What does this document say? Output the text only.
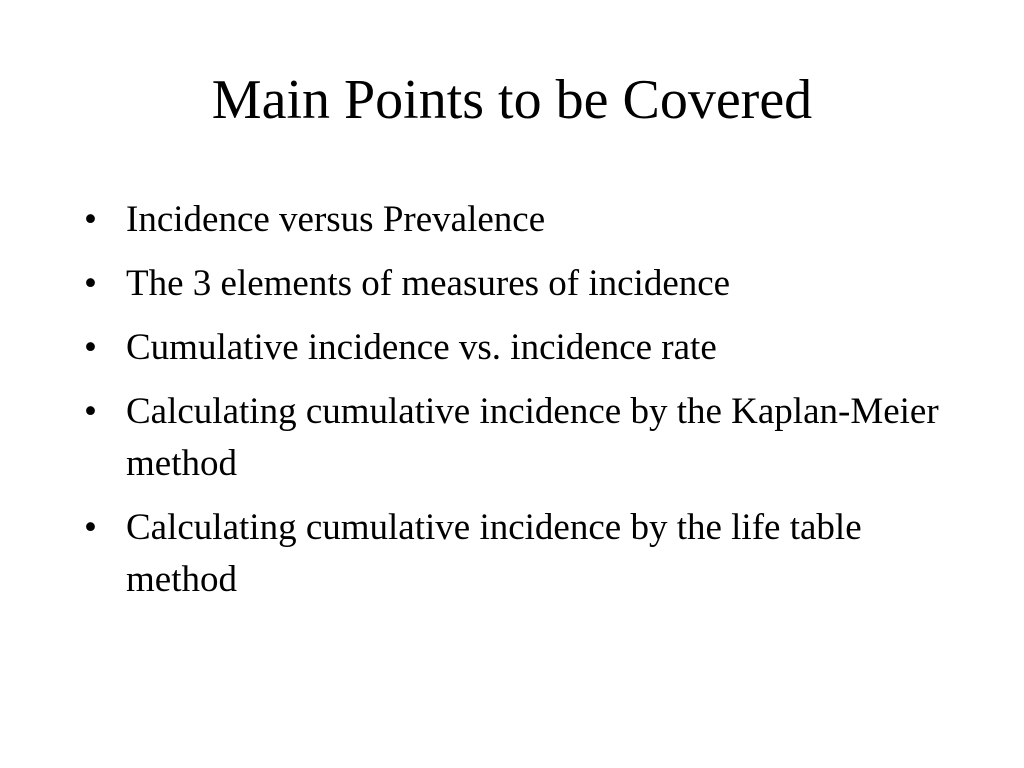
Main Points to be Covered
• Incidence versus Prevalence
• The 3 elements of measures of incidence
• Cumulative incidence vs. incidence rate
• Calculating cumulative incidence by the Kaplan-Meier method
• Calculating cumulative incidence by the life table method
